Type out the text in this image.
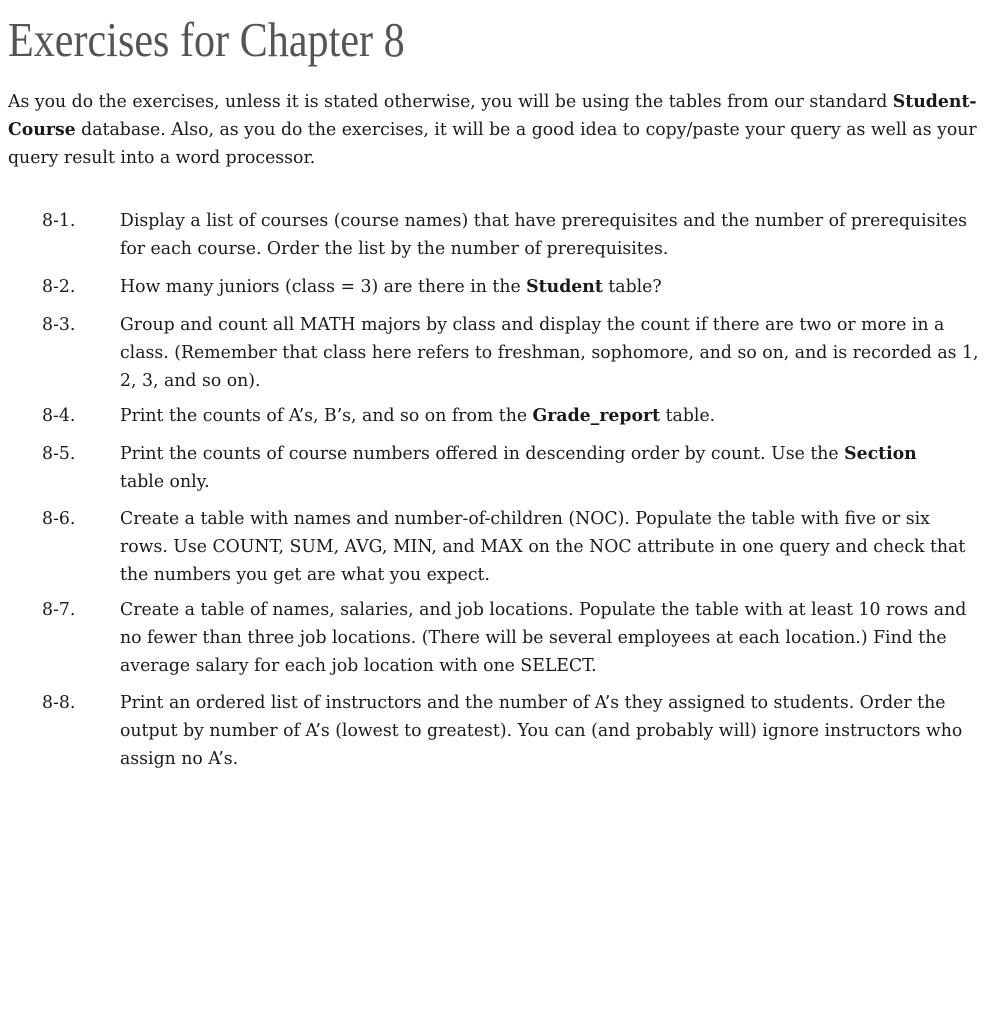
Exercises for Chapter 8

As you do the exercises, unless it is stated otherwise, you will be using the tables from our standard Student-
Course database. Also, as you do the exercises, it will be a good idea to copy/paste your query as well as your query result into a word processor.

8-1. Display a list of courses (course names) that have prerequisites and the number of prerequisites for each course. Order the list by the number of prerequisites.
8-2. How many juniors (class = 3) are there in the Student table?
8-3. Group and count all MATH majors by class and display the count if there are two or more in a class. (Remember that class here refers to freshman, sophomore, and so on, and is recorded as 1, 2, 3, and so on).
8-4. Print the counts of A’s, B’s, and so on from the Grade_report table.
8-5. Print the counts of course numbers offered in descending order by count. Use the Section
table only.
8-6. Create a table with names and number-of-children (NOC). Populate the table with five or six rows. Use COUNT, SUM, AVG, MIN, and MAX on the NOC attribute in one query and check that the numbers you get are what you expect.
8-7. Create a table of names, salaries, and job locations. Populate the table with at least 10 rows and no fewer than three job locations. (There will be several employees at each location.) Find the average salary for each job location with one SELECT.
8-8. Print an ordered list of instructors and the number of A’s they assigned to students. Order the output by number of A’s (lowest to greatest). You can (and probably will) ignore instructors who assign no A’s.
